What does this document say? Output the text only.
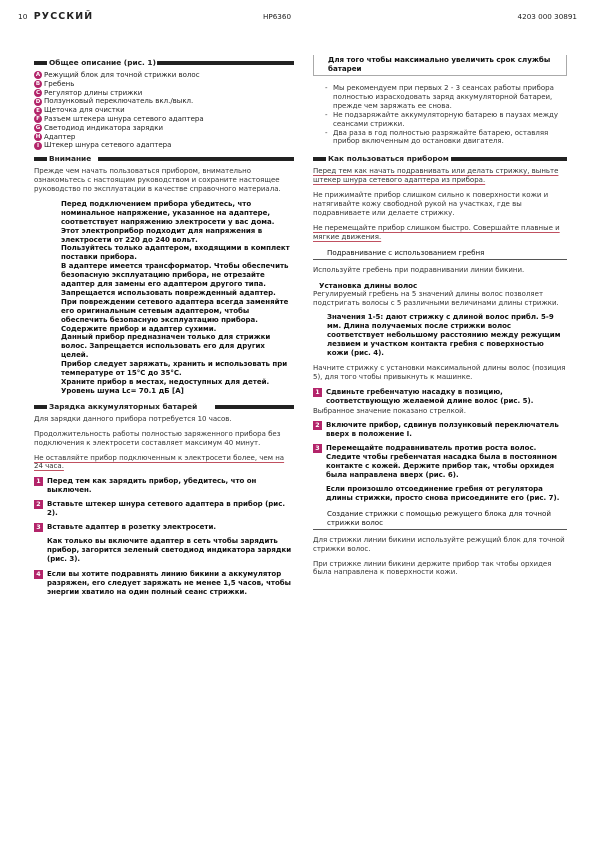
10 РУССКИЙ	HP6360	4203 000 30891
Общее описание (рис. 1)
A Режущий блок для точной стрижки волос
B Гребень
C Регулятор длины стрижки
D Ползунковый переключатель вкл./выкл.
E Щеточка для очистки
F Разъем штекера шнура сетевого адаптера
G Светодиод индикатора зарядки
H Адаптер
I Штекер шнура сетевого адаптера
Внимание

Прежде чем начать пользоваться прибором, внимательно ознакомьтесь с настоящим руководством и сохраните настоящее руководство по эксплуатации в качестве справочного материала.

Перед подключением прибора убедитесь, что номинальное напряжение, указанное на адаптере, соответствует напряжению электросети у вас дома.

Этот электроприбор подходит для напряжения в электросети от 220 до 240 вольт.

Пользуйтесь только адаптером, входящими в комплект поставки прибора.

В адаптере имеется трансформатор. Чтобы обеспечить безопасную эксплуатацию прибора, не отрезайте адаптер для замены его адаптером другого типа.

Запрещается использовать поврежденный адаптер.

При повреждении сетевого адаптера всегда заменяйте его оригинальным сетевым адаптером, чтобы обеспечить безопасную эксплуатацию прибора.

Содержите прибор и адаптер сухими.

Данный прибор предназначен только для стрижки волос. Запрещается использовать его для других целей.

Прибор следует заряжать, хранить и использовать при температуре от 15°C до 35°C.

Храните прибор в местах, недоступных для детей.

Уровень шума Lc= 70.1 дБ [A]

Зарядка аккумуляторных батарей

Для зарядки данного прибора потребуется 10 часов.

Продолжительность работы полностью заряженного прибора без подключения к электросети составляет максимум 40 минут.

Не оставляйте прибор подключенным к электросети более, чем на 24 часа.

1 Перед тем как зарядить прибор, убедитесь, что он выключен.
2 Вставьте штекер шнура сетевого адаптера в прибор (рис. 2).
3 Вставьте адаптер в розетку электросети.
Как только вы включите адаптер в сеть чтобы зарядить прибор, загорится зеленый светодиод индикатора зарядки (рис. 3).
4 Если вы хотите подравнять линию бикини а аккумулятор разряжен, его следует заряжать не менее 1,5 часов, чтобы энергии хватило на один полный сеанс стрижки.
Для того чтобы максимально увеличить срок службы батареи
- Мы рекомендуем при первых 2 - 3 сеансах работы прибора полностью израсходовать заряд аккумуляторной батареи, прежде чем заряжать ее снова.
- Не подзаряжайте аккумуляторную батарею в паузах между сеансами стрижки.
- Два раза в год полностью разряжайте батарею, оставляя прибор включенным до остановки двигателя.
Как пользоваться прибором

Перед тем как начать подравнивать или делать стрижку, выньте штекер шнура сетевого адаптера из прибора.

Не прижимайте прибор слишком сильно к поверхности кожи и натягивайте кожу свободной рукой на участках, где вы подравниваете или делаете стрижку.

Не перемещайте прибор слишком быстро. Совершайте плавные и мягкие движения.

Подравнивание с использованием гребня

Используйте гребень при подравнивании линии бикини.

Установка длины волос

Регулируемый гребень на 5 значений длины волос позволяет подстригать волосы с 5 различными величинами длины стрижки.

Значения 1-5: дают стрижку с длиной волос прибл. 5-9 мм. Длина получаемых после стрижки волос соответствует небольшому расстоянию между режущим лезвием и участком контакта гребня с поверхностью кожи (рис. 4).

Начните стрижку с установки максимальной длины волос (позиция 5), для того чтобы привыкнуть к машинке.

1 Сдвиньте гребенчатую насадку в позицию, соответствующую желаемой длине волос (рис. 5).

Выбранное значение показано стрелкой.

2 Включите прибор, сдвинув ползунковый переключатель вверх в положение I.
3 Перемещайте подравниватель против роста волос. Следите чтобы гребенчатая насадка была в постоянном контакте с кожей. Держите прибор так, чтобы орхидея была направлена вверх (рис. 6).
Если произошло отсоединение гребня от регулятора длины стрижки, просто снова присоедините его (рис. 7).
Создание стрижки с помощью режущего блока для точной стрижки волос

Для стрижки линии бикини используйте режущий блок для точной стрижки волос.

При стрижке линии бикини держите прибор так чтобы орхидея была направлена к поверхности кожи.
